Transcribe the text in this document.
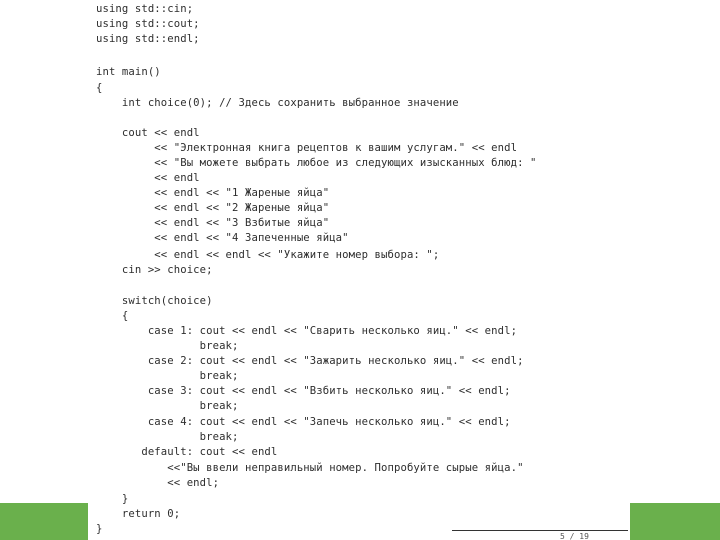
using std::cin;
using std::cout;
using std::endl;
int main()
{
int choice(0); // Здесь сохранить выбранное значение
cout << endl
<< "Электронная книга рецептов к вашим услугам." << endl
<< "Вы можете выбрать любое из следующих изысканных блюд: "
<< endl
<< endl << "1 Жареные яйца"
<< endl << "2 Жареные яйца"
<< endl << "3 Взбитые яйца"
<< endl << "4 Запеченные яйца"
<< endl << endl << "Укажите номер выбора: ";
cin >> choice;
switch(choice)
{
case 1: cout << endl << "Сварить несколько яиц." << endl;
break;
case 2: cout << endl << "Зажарить несколько яиц." << endl;
break;
case 3: cout << endl << "Взбить несколько яиц." << endl;
break;
case 4: cout << endl << "Запечь несколько яиц." << endl;
break;
default: cout << endl
<<"Вы ввели неправильный номер. Попробуйте сырые яйца."
<< endl;
}
return 0;
}
5 / 19
